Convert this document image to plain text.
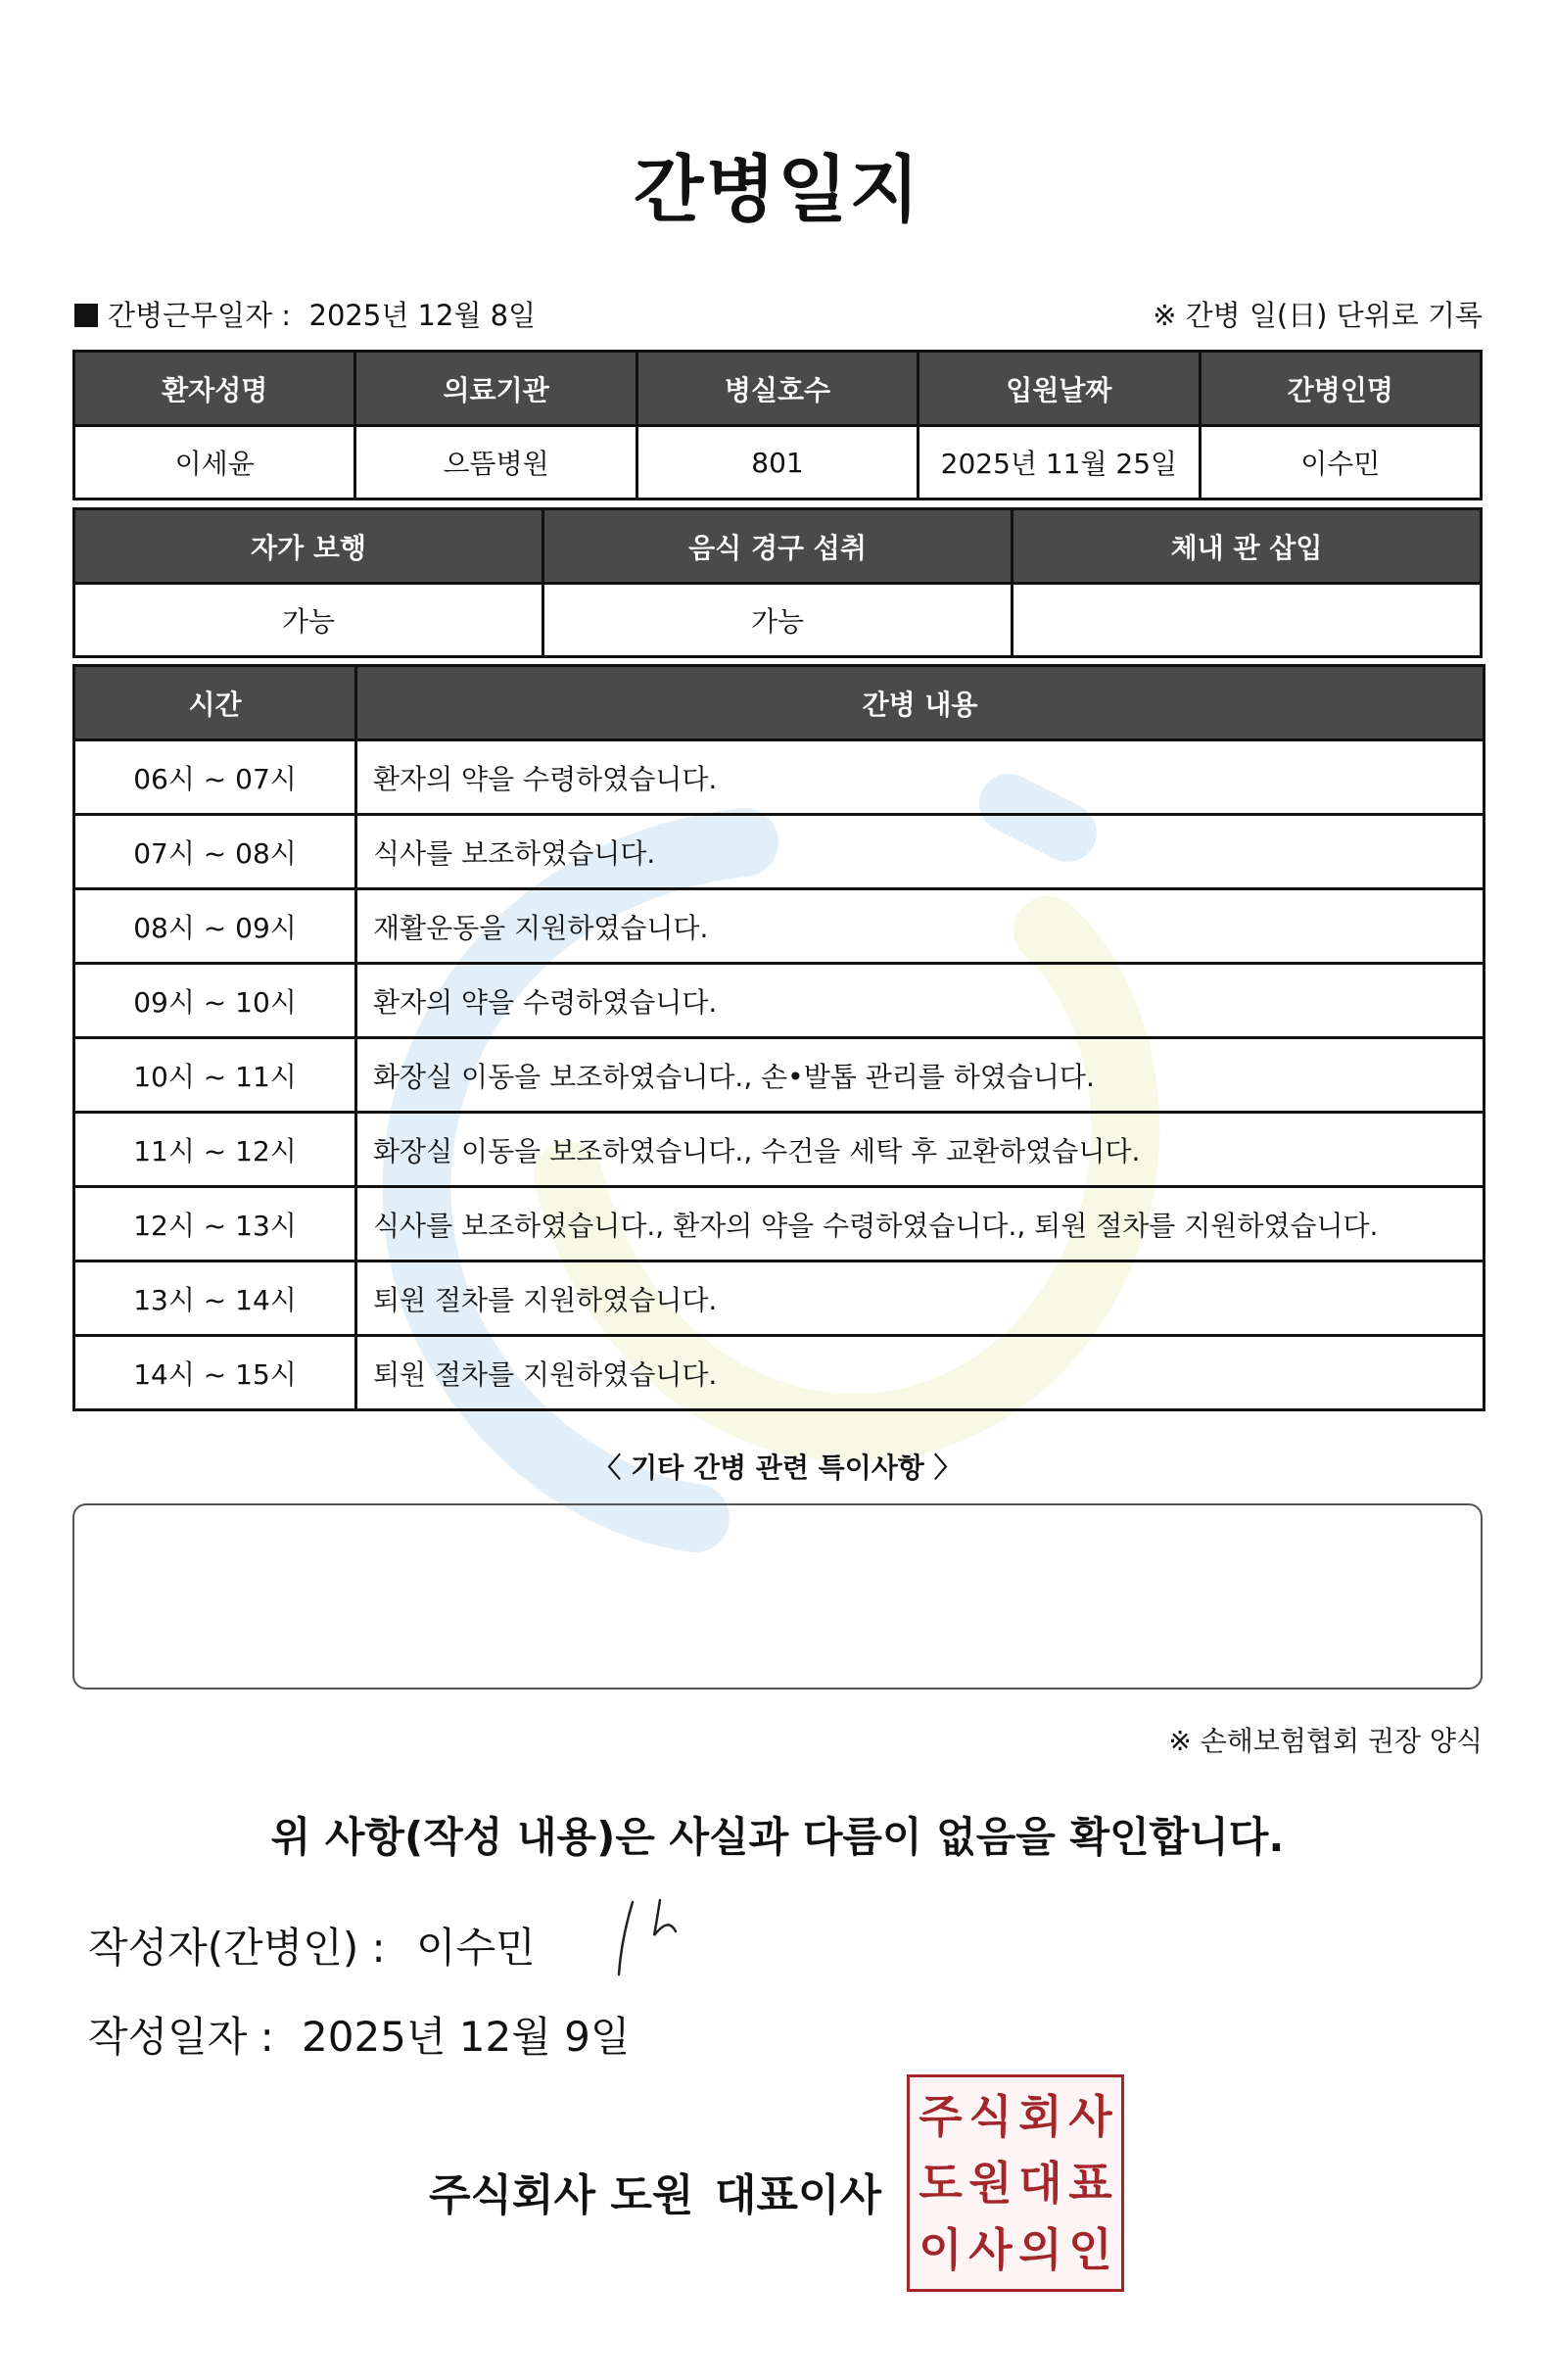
간병일지
간병근무일자 : 2025년 12월 8일	※ 간병 일(日) 단위로 기록
환자성명	의료기관	병실호수	입원날짜	간병인명
이세윤	으뜸병원	801	2025년 11월 25일	이수민
자가 보행	음식 경구 섭취	체내 관 삽입
가능	가능	
시간	간병 내용
06시 ~ 07시	환자의 약을 수령하였습니다.
07시 ~ 08시	식사를 보조하였습니다.
08시 ~ 09시	재활운동을 지원하였습니다.
09시 ~ 10시	환자의 약을 수령하였습니다.
10시 ~ 11시	화장실 이동을 보조하였습니다., 손•발톱 관리를 하였습니다.
11시 ~ 12시	화장실 이동을 보조하였습니다., 수건을 세탁 후 교환하였습니다.
12시 ~ 13시	식사를 보조하였습니다., 환자의 약을 수령하였습니다., 퇴원 절차를 지원하였습니다.
13시 ~ 14시	퇴원 절차를 지원하였습니다.
14시 ~ 15시	퇴원 절차를 지원하였습니다.
〈 기타 간병 관련 특이사항 〉
※ 손해보험협회 권장 양식
위 사항(작성 내용)은 사실과 다름이 없음을 확인합니다.
작성자(간병인) : 이수민
작성일자 : 2025년 12월 9일
주식회사 도원 대표이사
주 식 회 사
도 원 대 표
이 사 의 인
